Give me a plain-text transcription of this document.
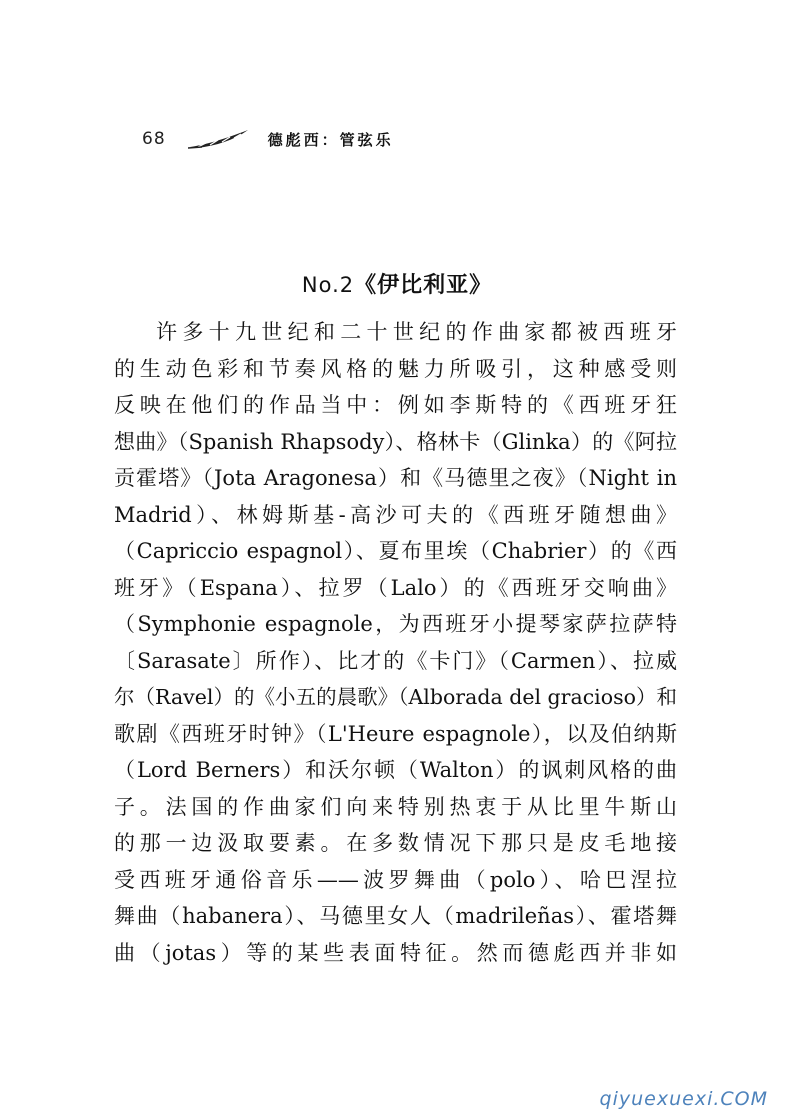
68	德彪西：管弦乐
No.2《伊比利亚》
许多十九世纪和二十世纪的作曲家都被西班牙
的生动色彩和节奏风格的魅力所吸引，这种感受则
反映在他们的作品当中：例如李斯特的《西班牙狂
想曲》（Spanish Rhapsody）、格林卡（Glinka）的《阿拉
贡霍塔》（Jota Aragonesa）和《马德里之夜》（Night in
Madrid）、林姆斯基-高沙可夫的《西班牙随想曲》
（Capriccio espagnol）、夏布里埃（Chabrier）的《西
班牙》（Espana）、拉罗（Lalo）的《西班牙交响曲》
（Symphonie espagnole，为西班牙小提琴家萨拉萨特
〔Sarasate〕所作）、比才的《卡门》（Carmen）、拉威
尔（Ravel）的《小五的晨歌》（Alborada del gracioso）和
歌剧《西班牙时钟》（L'Heure espagnole），以及伯纳斯
（Lord Berners）和沃尔顿（Walton）的讽刺风格的曲
子。法国的作曲家们向来特别热衷于从比里牛斯山
的那一边汲取要素。在多数情况下那只是皮毛地接
受西班牙通俗音乐——波罗舞曲（polo）、哈巴涅拉
舞曲（habanera）、马德里女人（madrileñas）、霍塔舞
曲（jotas）等的某些表面特征。然而德彪西并非如
qiyuexuexi.COM
